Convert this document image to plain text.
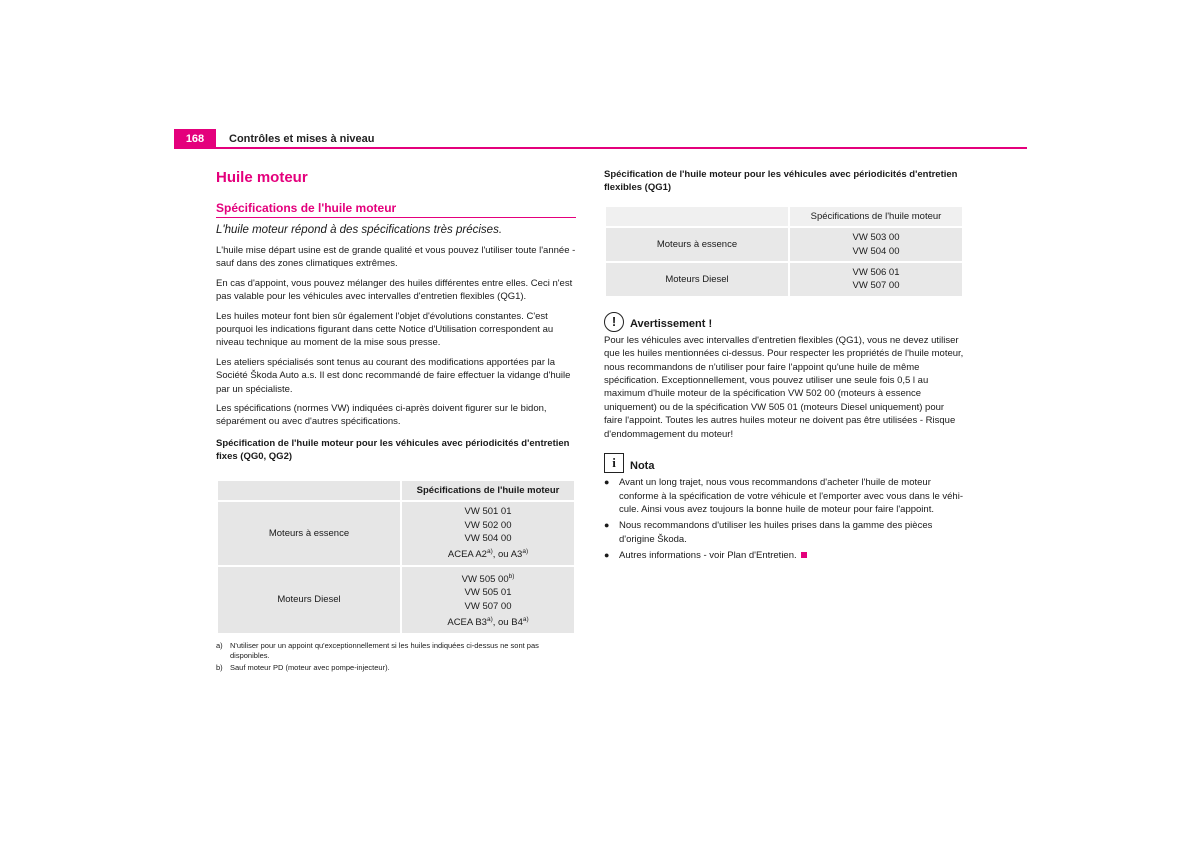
168	Contrôles et mises à niveau
Huile moteur
Spécifications de l'huile moteur
L'huile moteur répond à des spécifications très précises.

L'huile mise départ usine est de grande qualité et vous pouvez l'utiliser toute l'année - sauf dans des zones climatiques extrêmes.

En cas d'appoint, vous pouvez mélanger des huiles différentes entre elles. Ceci n'est pas valable pour les véhicules avec intervalles d'entretien flexibles (QG1).

Les huiles moteur font bien sûr également l'objet d'évolutions constantes. C'est pourquoi les indications figurant dans cette Notice d'Utilisation correspondent au niveau technique au moment de la mise sous presse.

Les ateliers spécialisés sont tenus au courant des modifications apportées par la Société Škoda Auto a.s. Il est donc recommandé de faire effectuer la vidange d'huile par un spécialiste.

Les spécifications (normes VW) indiquées ci-après doivent figurer sur le bidon, séparément ou avec d'autres spécifications.

Spécification de l'huile moteur pour les véhicules avec périodicités d'entretien fixes (QG0, QG2)

	Spécifications de l'huile moteur
Moteurs à essence	VW 501 01
VW 502 00
VW 504 00
ACEA A2$^{a)}$, ou A3$^{a)}$

Moteurs Diesel	VW 505 00$^{b)}$
VW 505 01
VW 507 00
ACEA B3$^{a)}$, ou B4$^{a)}$
a) N'utiliser pour un appoint qu'exceptionnellement si les huiles indiquées ci-dessus ne sont pas disponibles.
b) Sauf moteur PD (moteur avec pompe-injecteur).

Spécification de l'huile moteur pour les véhicules avec périodicités d'entretien flexibles (QG1)

	Spécifications de l'huile moteur
Moteurs à essence	VW 503 00
VW 504 00

Moteurs Diesel	VW 506 01
VW 507 00
!	Avertissement !

Pour les véhicules avec intervalles d'entretien flexibles (QG1), vous ne devez utiliser que les huiles mentionnées ci-dessus. Pour respecter les propriétés de l'huile moteur, nous recommandons de n'utiliser pour faire l'appoint qu'une huile de même spécification. Exceptionnellement, vous pouvez utiliser une seule fois 0,5 l au maximum d'huile moteur de la spécification VW 502 00 (moteurs à essence uniquement) ou de la spécification VW 505 01 (moteurs Diesel uniquement) pour faire l'appoint. Toutes les autres huiles moteur ne doivent pas être utilisées - Risque d'endommagement du moteur!

i	Nota
●	Avant un long trajet, nous vous recommandons d'acheter l'huile de moteur conforme à la spécification de votre véhicule et l'emporter avec vous dans le véhi-cule. Ainsi vous avez toujours la bonne huile de moteur pour faire l'appoint.
●	Nous recommandons d'utiliser les huiles prises dans la gamme des pièces d'origine Škoda.
●	Autres informations - voir Plan d'Entretien.
